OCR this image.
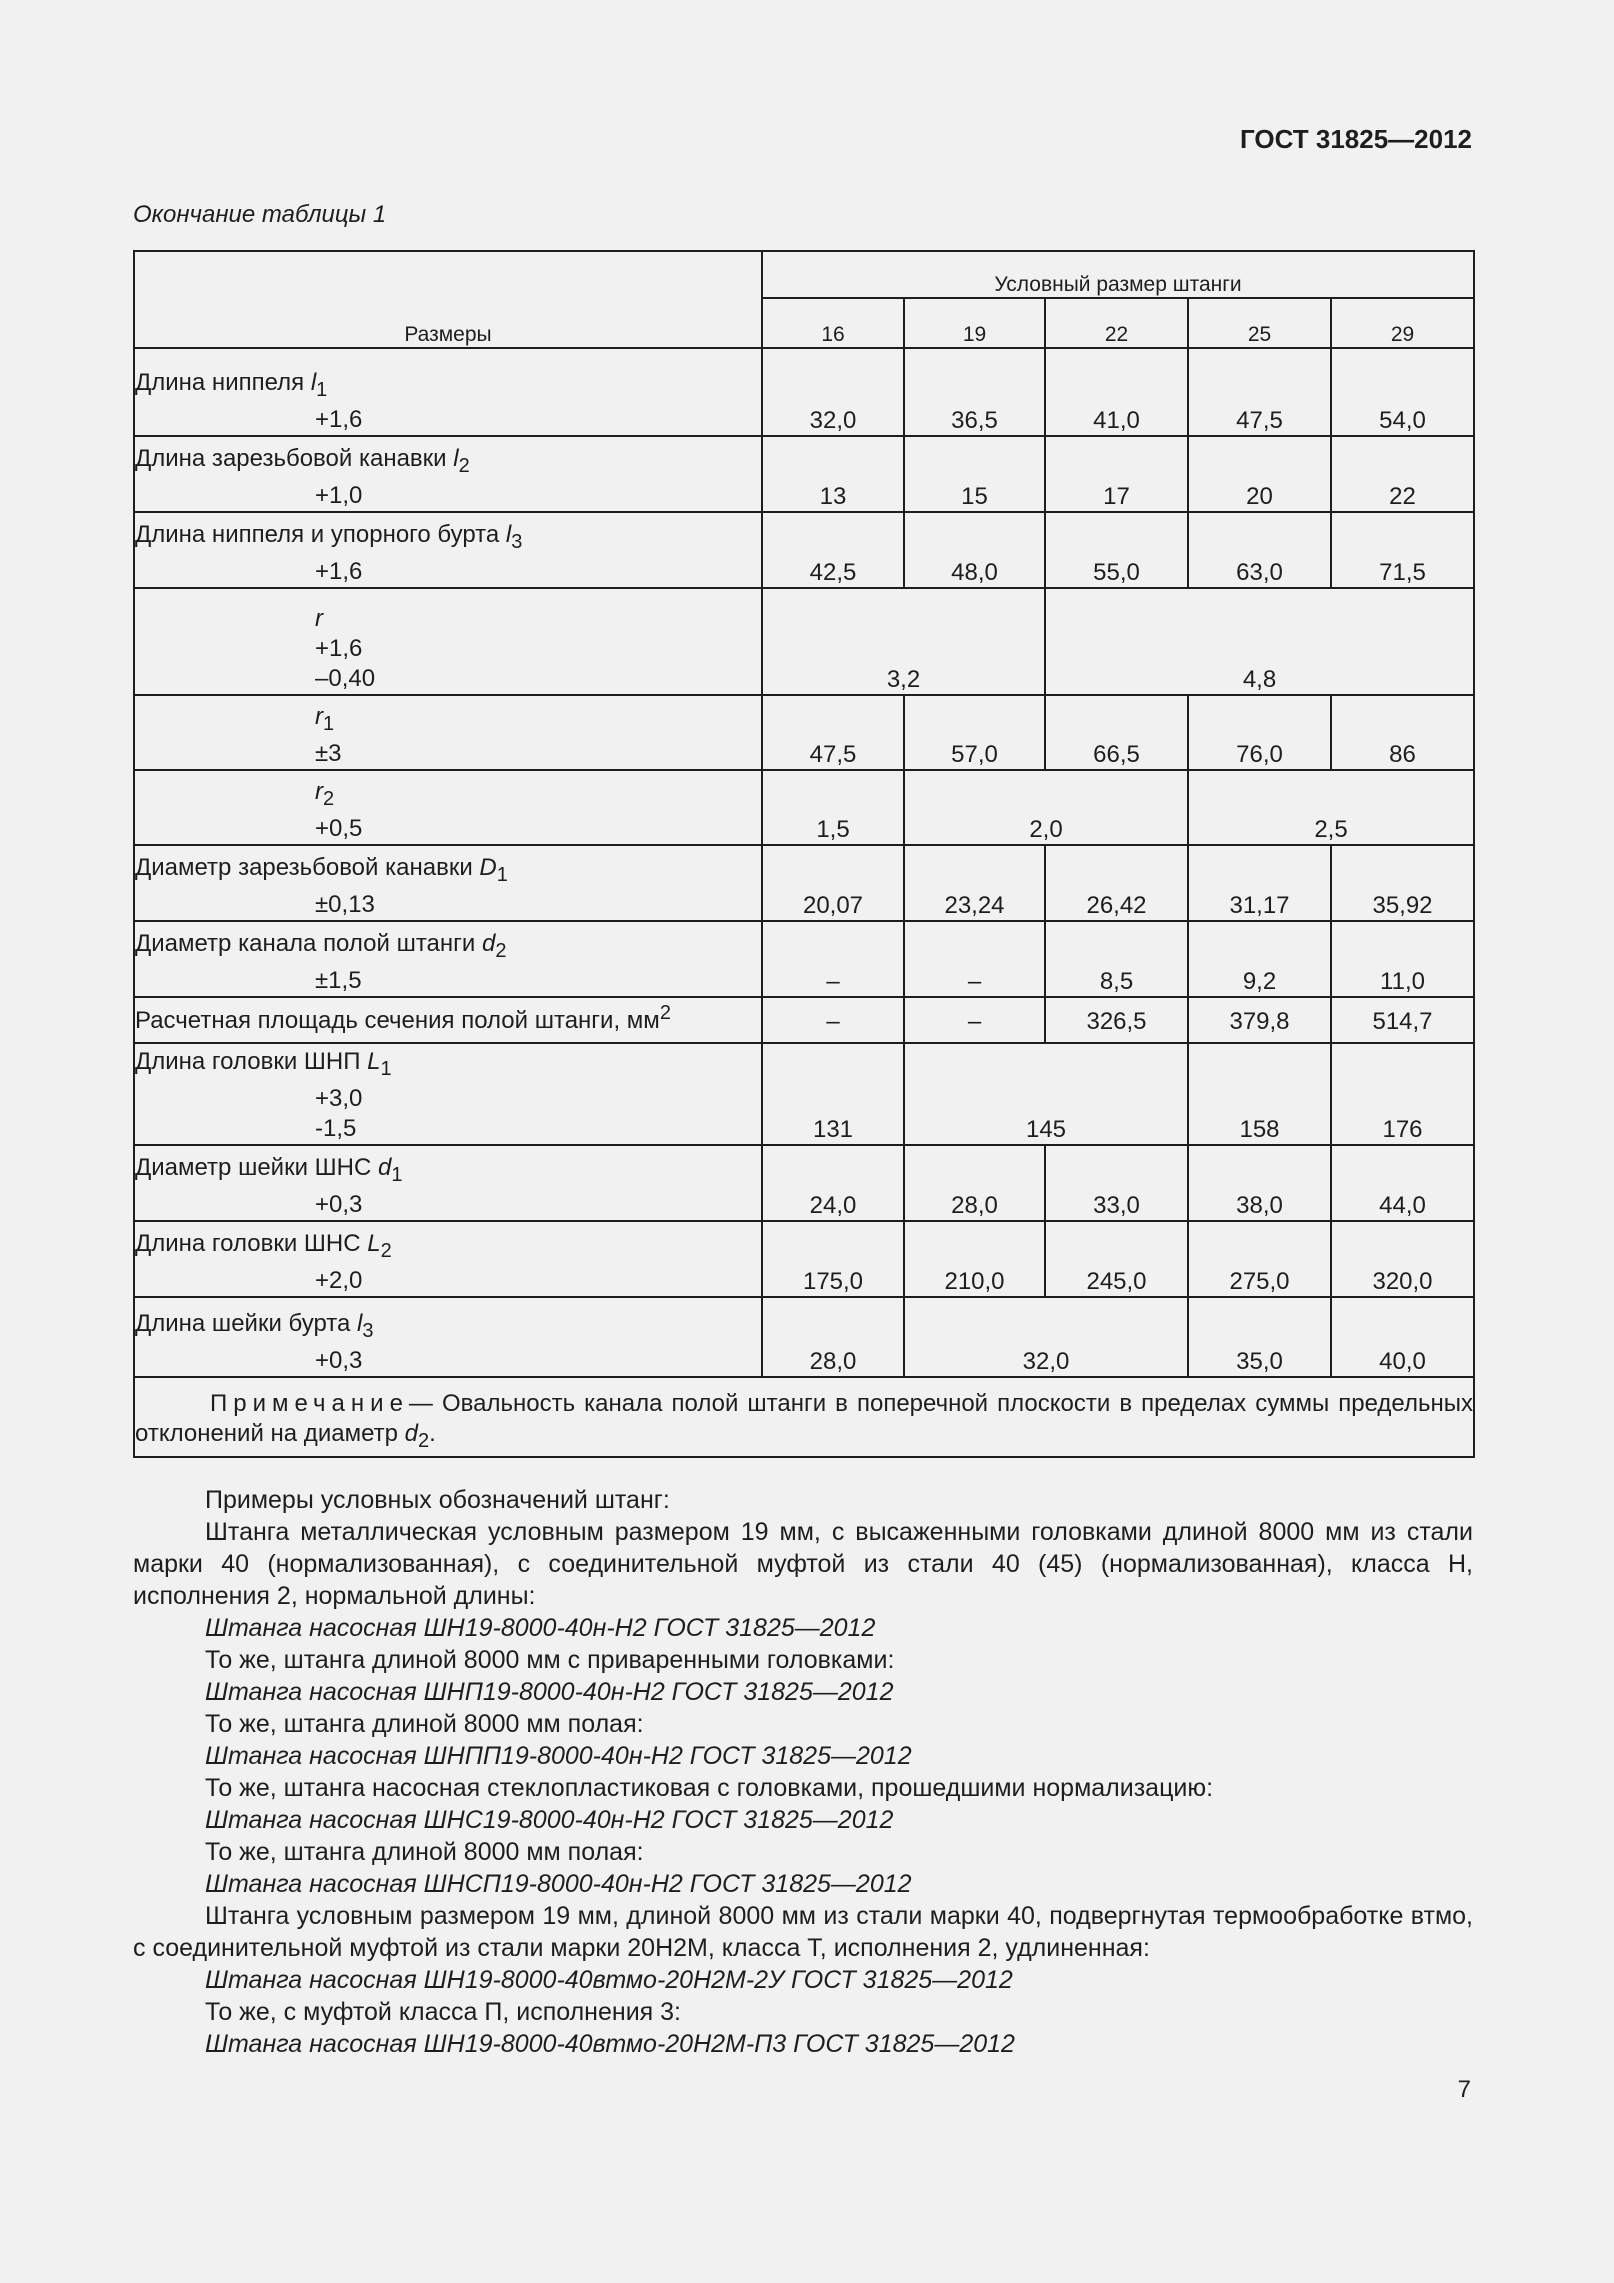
ГОСТ 31825—2012
Окончание таблицы 1
Размеры	Условный размер штанги				
	16	19	22	25	29
Длина ниппеля $l_1$
+1,6	32,0	36,5	41,0	47,5	54,0
Длина зарезьбовой канавки $l_2$
+1,0	13	15	17	20	22
Длина ниппеля и упорного бурта $l_3$
+1,6	42,5	48,0	55,0	63,0	71,5

r
+1,6
–0,40	3,2		4,8		

$r_1$
±3	47,5	57,0	66,5	76,0	86

$r_2$
+0,5	1,5	2,0		2,5	
Диаметр зарезьбовой канавки $D_1$
±0,13	20,07	23,24	26,42	31,17	35,92
Диаметр канала полой штанги $d_2$
±1,5	–	–	8,5	9,2	11,0
Расчетная площадь сечения полой штанги, $мм^2$	–	–	326,5	379,8	514,7
Длина головки ШНП $L_1$
+3,0
-1,5	131	145		158	176
Диаметр шейки ШНС $d_1$
+0,3	24,0	28,0	33,0	38,0	44,0
Длина головки ШНС $L_2$
+2,0	175,0	210,0	245,0	275,0	320,0
Длина шейки бурта $l_3$
+0,3	28,0	32,0		35,0	40,0
Примечание— Овальность канала полой штанги в поперечной плоскости в пределах суммы предельных отклонений на диаметр $d_2$.					

Примеры условных обозначений штанг:

Штанга металлическая условным размером 19 мм, с высаженными головками длиной 8000 мм из стали марки 40 (нормализованная), с соединительной муфтой из стали 40 (45) (нормализованная), класса Н, исполнения 2, нормальной длины:

Штанга насосная ШН19-8000-40н-Н2 ГОСТ 31825—2012

То же, штанга длиной 8000 мм с приваренными головками:

Штанга насосная ШНП19-8000-40н-Н2 ГОСТ 31825—2012

То же, штанга длиной 8000 мм полая:

Штанга насосная ШНПП19-8000-40н-Н2 ГОСТ 31825—2012

То же, штанга насосная стеклопластиковая с головками, прошедшими нормализацию:

Штанга насосная ШНС19-8000-40н-Н2 ГОСТ 31825—2012

То же, штанга длиной 8000 мм полая:

Штанга насосная ШНСП19-8000-40н-Н2 ГОСТ 31825—2012

Штанга условным размером 19 мм, длиной 8000 мм из стали марки 40, подвергнутая термообработке втмо, с соединительной муфтой из стали марки 20Н2М, класса Т, исполнения 2, удлиненная:

Штанга насосная ШН19-8000-40втмо-20Н2М-2У ГОСТ 31825—2012

То же, с муфтой класса П, исполнения 3:

Штанга насосная ШН19-8000-40втмо-20Н2М-П3 ГОСТ 31825—2012

7
